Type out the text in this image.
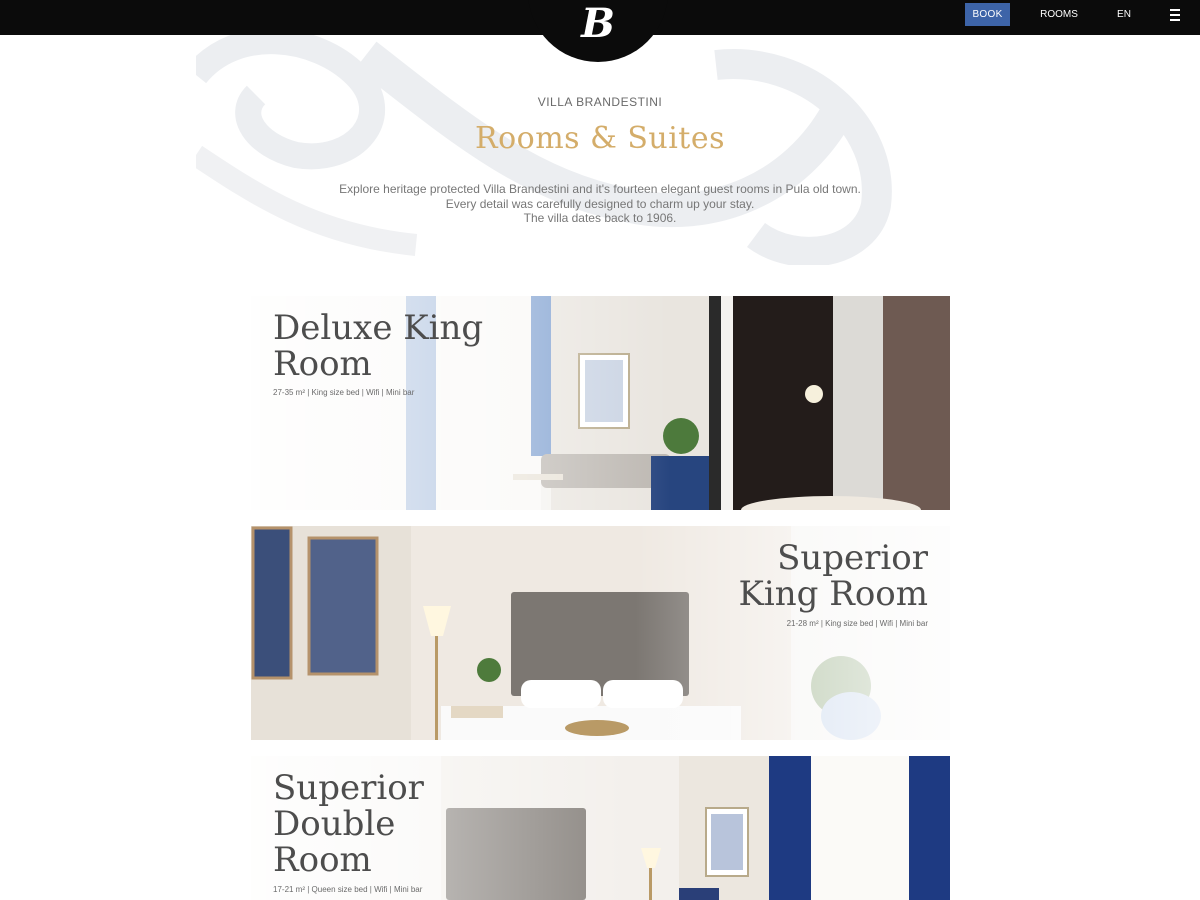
B	BOOK	ROOMS	EN
VILLA BRANDESTINI
Rooms & Suites

Explore heritage protected Villa Brandestini and it's fourteen elegant guest rooms in Pula old town.

Every detail was carefully designed to charm up your stay.

The villa dates back to 1906.

Deluxe King
Room
27-35 m² | King size bed | Wifi | Mini bar
Superior
King Room
21-28 m² | King size bed | Wifi | Mini bar
Superior
Double
Room
17-21 m² | Queen size bed | Wifi | Mini bar
